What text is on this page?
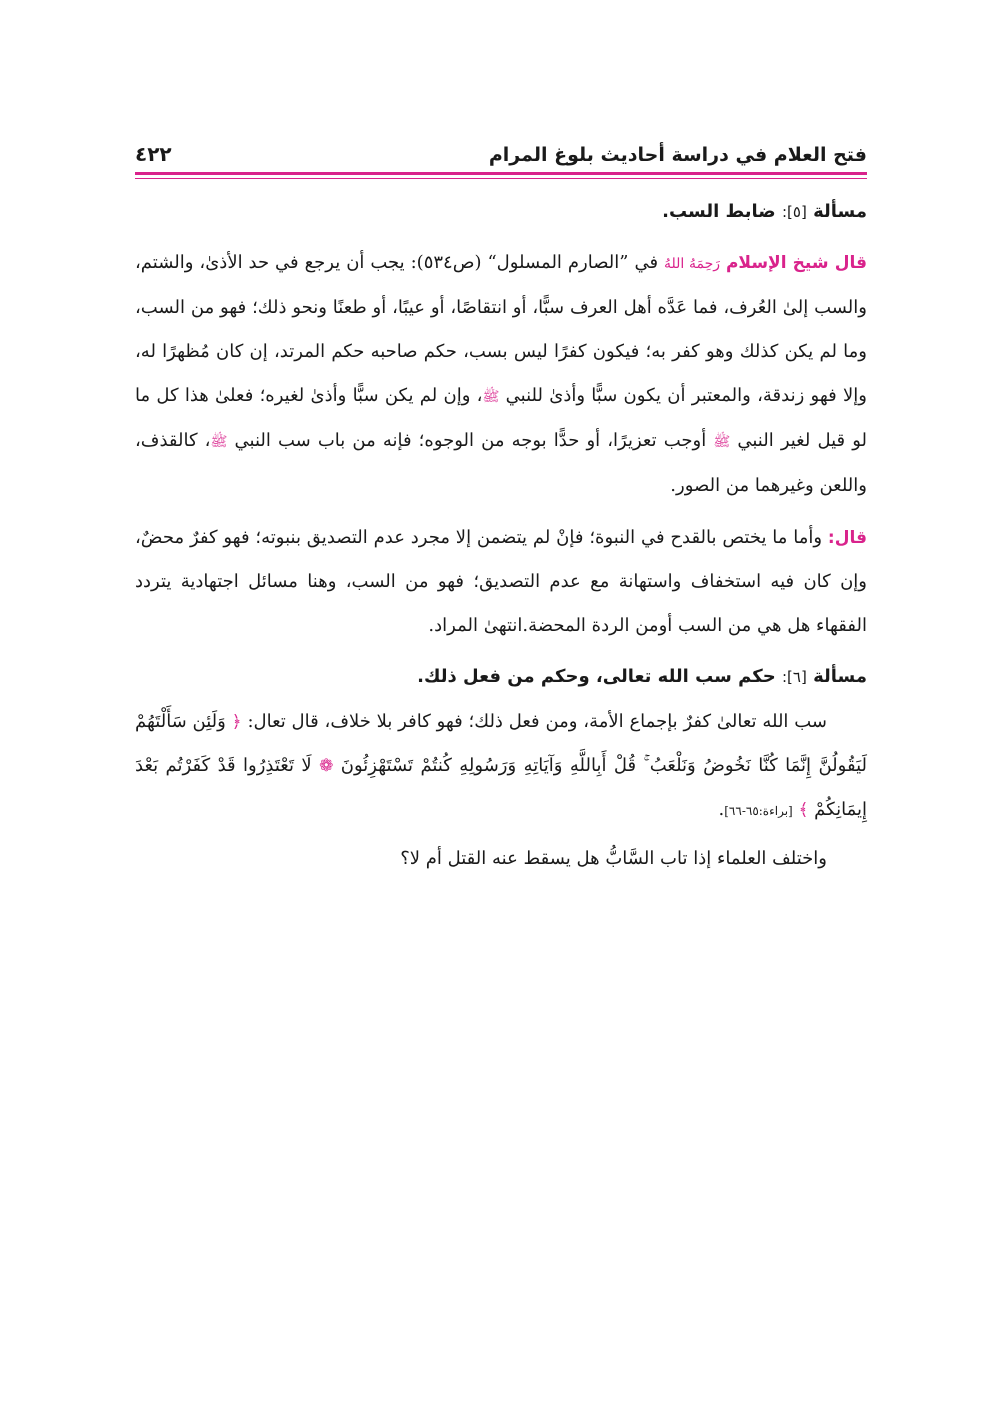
فتح العلام في دراسة أحاديث بلوغ المرام
٤٢٢

مسألة [٥]: ضابط السب.

قال شيخ الإسلام رَحِمَهُ اللهُ في ”الصارم المسلول“ (ص٥٣٤): يجب أن يرجع في حد الأذىٰ، والشتم، والسب إلىٰ العُرف، فما عَدَّه أهل العرف سبًّا، أو انتقاصًا، أو عيبًا، أو طعنًا ونحو ذلك؛ فهو من السب، وما لم يكن كذلك وهو كفر به؛ فيكون كفرًا ليس بسب، حكم صاحبه حكم المرتد، إن كان مُظهرًا له، وإلا فهو زندقة، والمعتبر أن يكون سبًّا وأذىٰ للنبي ﷺ، وإن لم يكن سبًّا وأذىٰ لغيره؛ فعلىٰ هذا كل ما لو قيل لغير النبي ﷺ أوجب تعزيرًا، أو حدًّا بوجه من الوجوه؛ فإنه من باب سب النبي ﷺ، كالقذف، واللعن وغيرهما من الصور.

قال: وأما ما يختص بالقدح في النبوة؛ فإنْ لم يتضمن إلا مجرد عدم التصديق بنبوته؛ فهو كفرٌ محضٌ، وإن كان فيه استخفاف واستهانة مع عدم التصديق؛ فهو من السب، وهنا مسائل اجتهادية يتردد الفقهاء هل هي من السب أومن الردة المحضة.انتهىٰ المراد.

مسألة [٦]: حكم سب الله تعالى، وحكم من فعل ذلك.

سب الله تعالىٰ كفرٌ بإجماع الأمة، ومن فعل ذلك؛ فهو كافر بلا خلاف، قال تعال: ﴿ وَلَئِن سَأَلْتَهُمْ لَيَقُولُنَّ إِنَّمَا كُنَّا نَخُوضُ وَنَلْعَبُ ۚ قُلْ أَبِاللَّهِ وَآيَاتِهِ وَرَسُولِهِ كُنتُمْ تَسْتَهْزِئُونَ ❁ لَا تَعْتَذِرُوا قَدْ كَفَرْتُم بَعْدَ إِيمَانِكُمْ ﴾ [براءة:٦٥-٦٦].

واختلف العلماء إذا تاب السَّابُّ هل يسقط عنه القتل أم لا؟
